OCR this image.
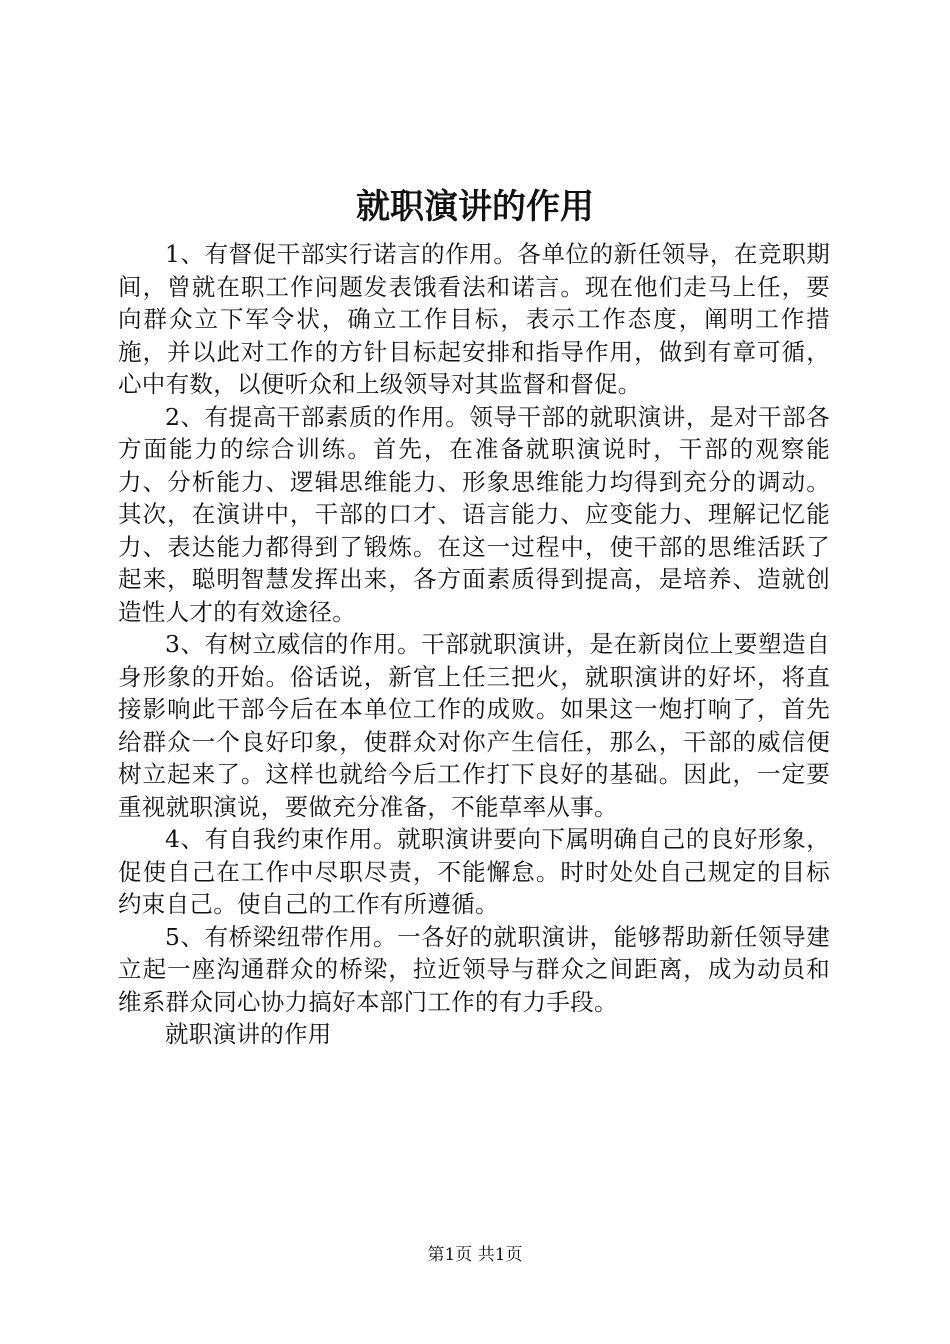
就职演讲的作用

1、有督促干部实行诺言的作用。各单位的新任领导，在竞职期间，曾就在职工作问题发表饿看法和诺言。现在他们走马上任，要向群众立下军令状，确立工作目标，表示工作态度，阐明工作措施，并以此对工作的方针目标起安排和指导作用，做到有章可循，心中有数，以便听众和上级领导对其监督和督促。

2、有提高干部素质的作用。领导干部的就职演讲，是对干部各方面能力的综合训练。首先，在准备就职演说时，干部的观察能力、分析能力、逻辑思维能力、形象思维能力均得到充分的调动。其次，在演讲中，干部的口才、语言能力、应变能力、理解记忆能力、表达能力都得到了锻炼。在这一过程中，使干部的思维活跃了起来，聪明智慧发挥出来，各方面素质得到提高，是培养、造就创造性人才的有效途径。

3、有树立威信的作用。干部就职演讲，是在新岗位上要塑造自身形象的开始。俗话说，新官上任三把火，就职演讲的好坏，将直接影响此干部今后在本单位工作的成败。如果这一炮打响了，首先给群众一个良好印象，使群众对你产生信任，那么，干部的威信便树立起来了。这样也就给今后工作打下良好的基础。因此，一定要重视就职演说，要做充分准备，不能草率从事。

4、有自我约束作用。就职演讲要向下属明确自己的良好形象，促使自己在工作中尽职尽责，不能懈怠。时时处处自己规定的目标约束自己。使自己的工作有所遵循。

5、有桥梁纽带作用。一各好的就职演讲，能够帮助新任领导建立起一座沟通群众的桥梁，拉近领导与群众之间距离，成为动员和维系群众同心协力搞好本部门工作的有力手段。

就职演讲的作用

第1页 共1页
